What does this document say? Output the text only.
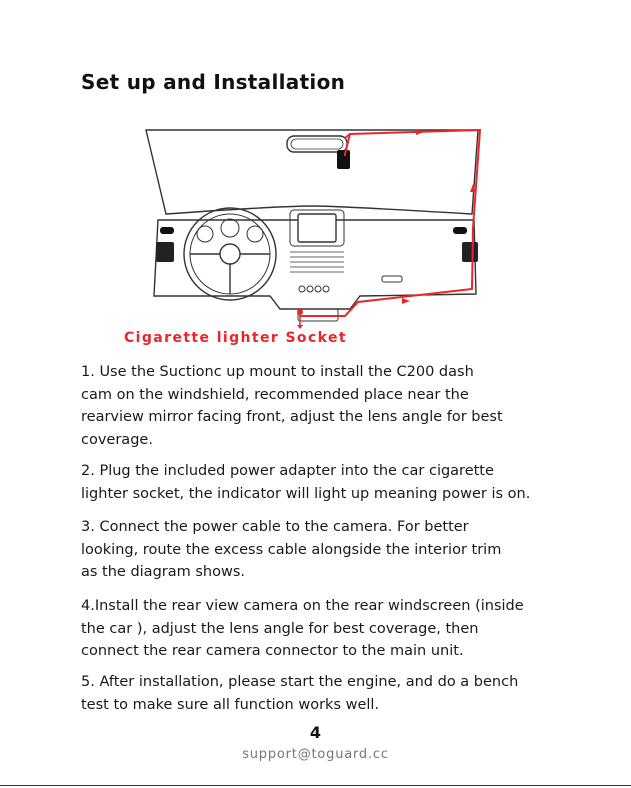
Set up and Installation
Cigarette lighter Socket
1. Use the Suctionc up mount to install the C200 dash
cam on the windshield, recommended place near the
rearview mirror facing front, adjust the lens angle for best
coverage.
2. Plug the included power adapter into the car cigarette
lighter socket, the indicator will light up meaning power is on.
3. Connect the power cable to the camera. For better
looking, route the excess cable alongside the interior trim
as the diagram shows.
4.Install the rear view camera on the rear windscreen (inside
the car ), adjust the lens angle for best coverage, then
connect the rear camera connector to the main unit.
5. After installation, please start the engine, and do a bench
test to make sure all function works well.
4
support@toguard.cc
